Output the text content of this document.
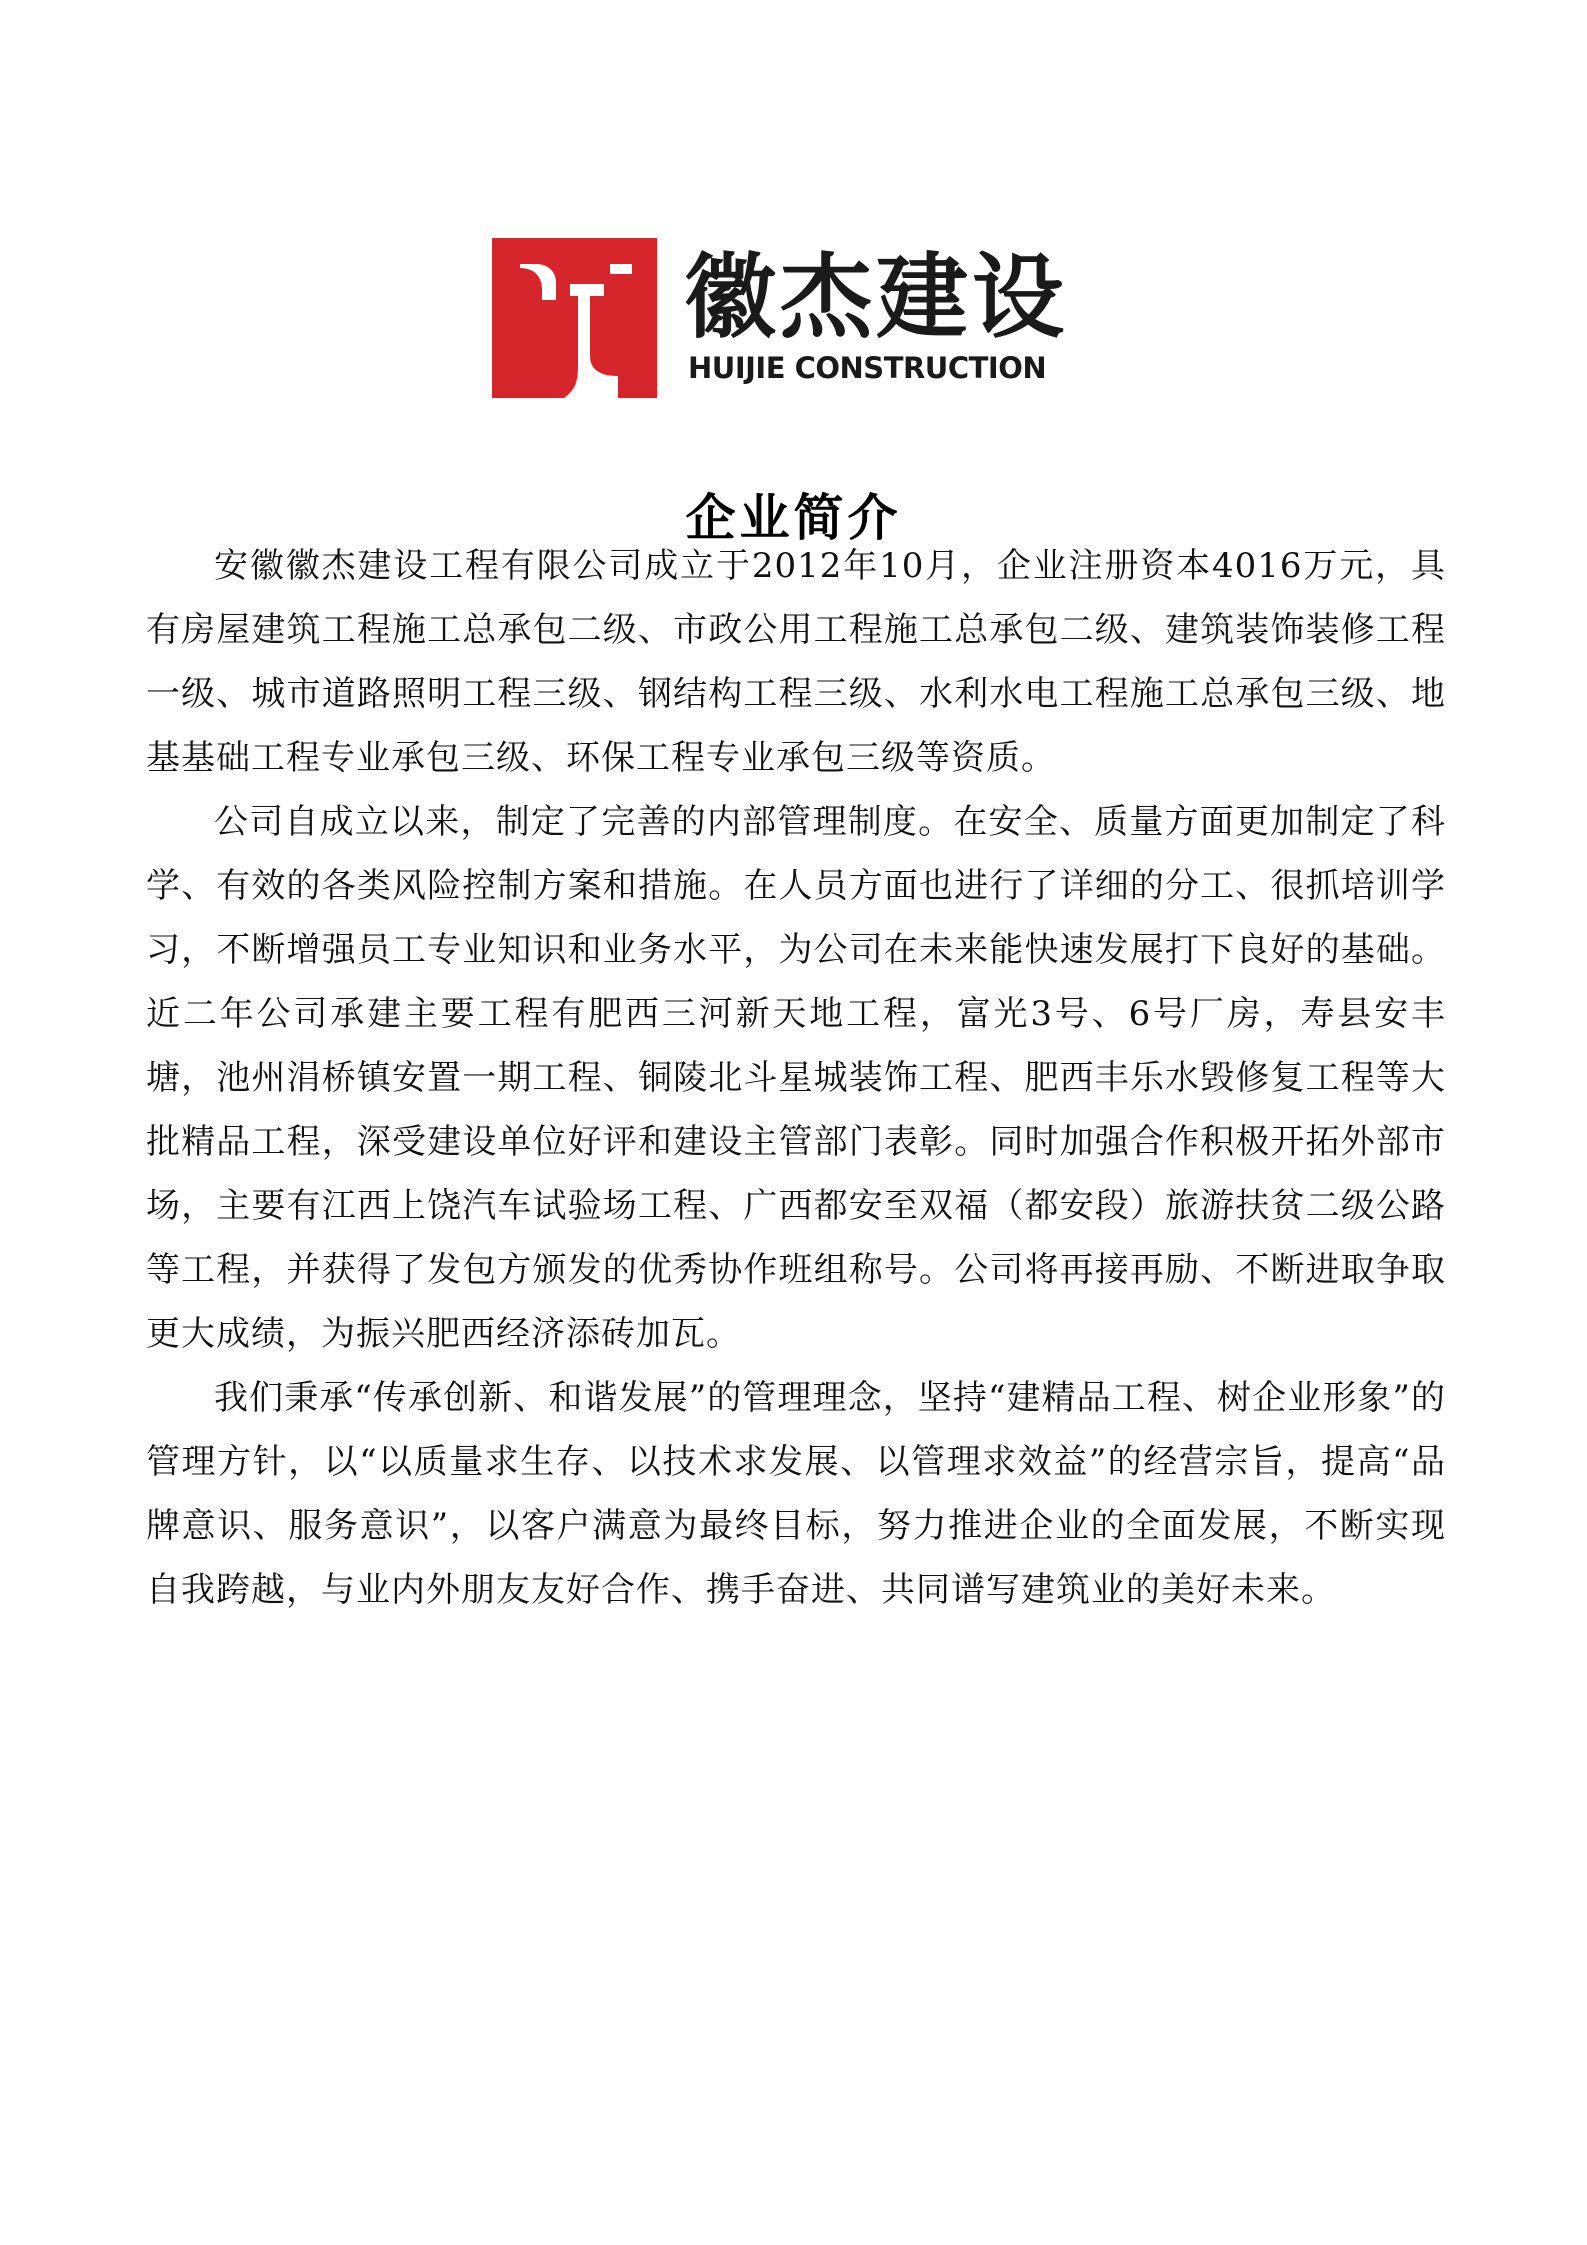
徽杰建设
HUIJIE CONSTRUCTION
企业简介

安徽徽杰建设工程有限公司成立于2012年10月，企业注册资本4016万元，具有房屋建筑工程施工总承包二级、市政公用工程施工总承包二级、建筑装饰装修工程一级、城市道路照明工程三级、钢结构工程三级、水利水电工程施工总承包三级、地基基础工程专业承包三级、环保工程专业承包三级等资质。

公司自成立以来，制定了完善的内部管理制度。在安全、质量方面更加制定了科学、有效的各类风险控制方案和措施。在人员方面也进行了详细的分工、很抓培训学习，不断增强员工专业知识和业务水平，为公司在未来能快速发展打下良好的基础。近二年公司承建主要工程有肥西三河新天地工程，富光3号、6号厂房，寿县安丰塘，池州涓桥镇安置一期工程、铜陵北斗星城装饰工程、肥西丰乐水毁修复工程等大批精品工程，深受建设单位好评和建设主管部门表彰。同时加强合作积极开拓外部市场，主要有江西上饶汽车试验场工程、广西都安至双福（都安段）旅游扶贫二级公路等工程，并获得了发包方颁发的优秀协作班组称号。公司将再接再励、不断进取争取更大成绩，为振兴肥西经济添砖加瓦。

我们秉承“传承创新、和谐发展”的管理理念，坚持“建精品工程、树企业形象”的管理方针，以“以质量求生存、以技术求发展、以管理求效益”的经营宗旨，提高“品牌意识、服务意识”，以客户满意为最终目标，努力推进企业的全面发展，不断实现自我跨越，与业内外朋友友好合作、携手奋进、共同谱写建筑业的美好未来。
